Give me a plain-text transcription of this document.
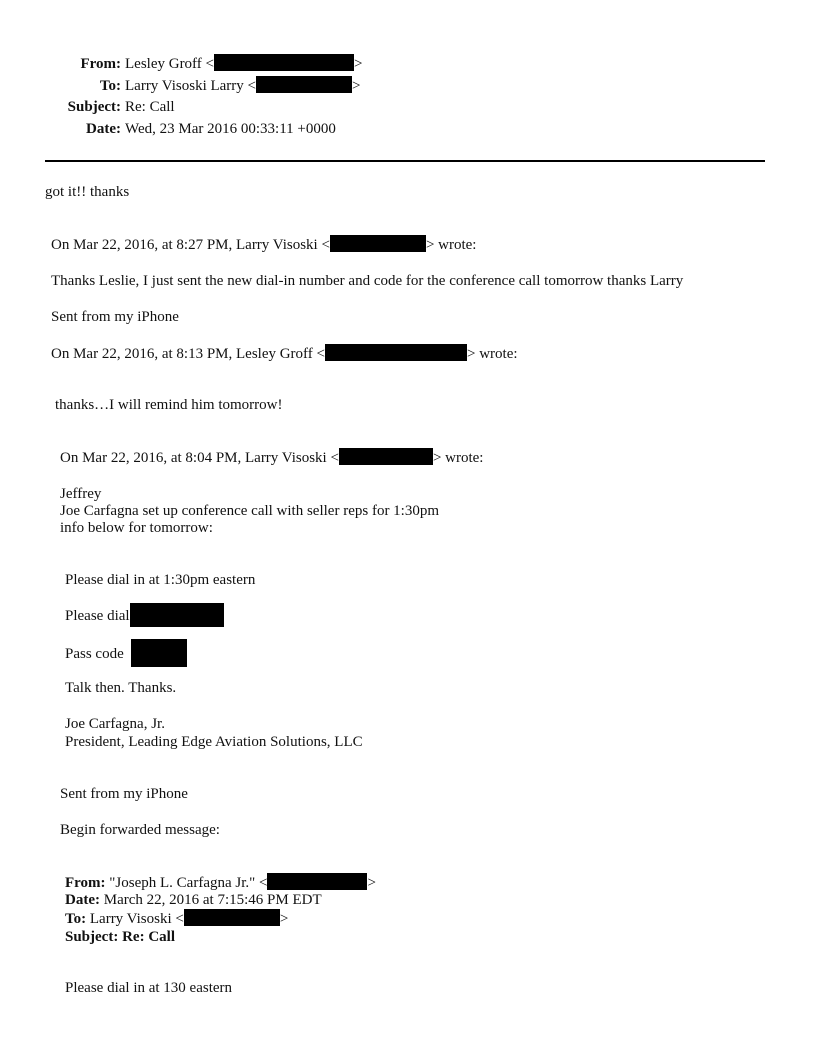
From: Lesley Groff <	>
To: Larry Visoski Larry <	>
Subject: Re: Call
Date: Wed, 23 Mar 2016 00:33:11 +0000
got it!! thanks
On Mar 22, 2016, at 8:27 PM, Larry Visoski <	> wrote:
Thanks Leslie, I just sent the new dial-in number and code for the conference call tomorrow thanks Larry
Sent from my iPhone
On Mar 22, 2016, at 8:13 PM, Lesley Groff <	> wrote:
thanks…I will remind him tomorrow!
On Mar 22, 2016, at 8:04 PM, Larry Visoski <	> wrote:
Jeffrey
Joe Carfagna set up conference call with seller reps for 1:30pm
info below for tomorrow:
Please dial in at 1:30pm eastern
Please dial
Pass code
Talk then. Thanks.
Joe Carfagna, Jr.
President, Leading Edge Aviation Solutions, LLC
Sent from my iPhone
Begin forwarded message:
From: "Joseph L. Carfagna Jr." <	>
Date: March 22, 2016 at 7:15:46 PM EDT
To: Larry Visoski <	>
Subject: Re: Call
Please dial in at 130 eastern
